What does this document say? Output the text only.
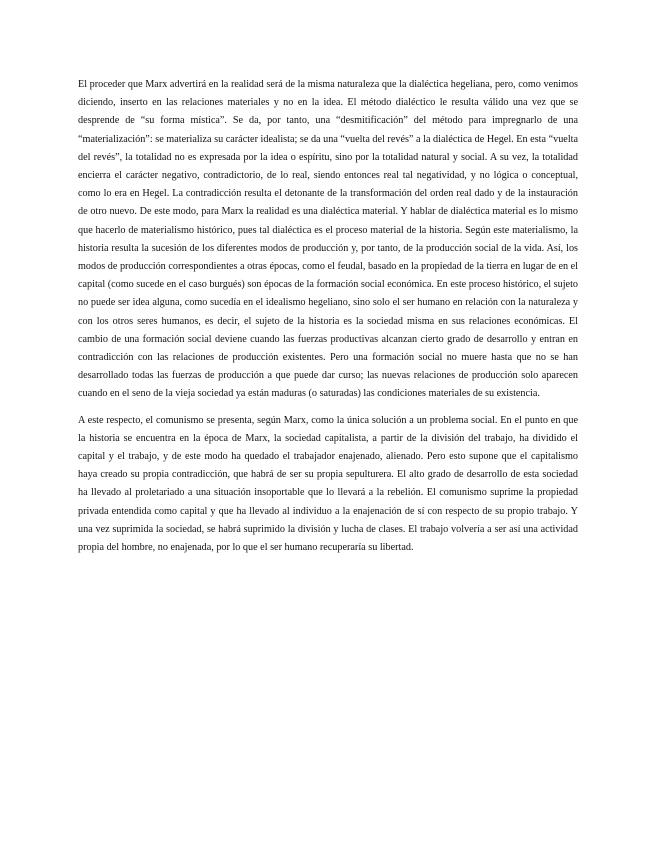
El proceder que Marx advertirá en la realidad será de la misma naturaleza que la dialéctica hegeliana, pero, como venimos diciendo, inserto en las relaciones materiales y no en la idea. El método dialéctico le resulta válido una vez que se desprende de “su forma mística”. Se da, por tanto, una “desmitificación” del método para impregnarlo de una “materialización”: se materializa su carácter idealista; se da una “vuelta del revés” a la dialéctica de Hegel. En esta “vuelta del revés”, la totalidad no es expresada por la idea o espíritu, sino por la totalidad natural y social. A su vez, la totalidad encierra el carácter negativo, contradictorio, de lo real, siendo entonces real tal negatividad, y no lógica o conceptual, como lo era en Hegel. La contradicción resulta el detonante de la transformación del orden real dado y de la instauración de otro nuevo. De este modo, para Marx la realidad es una dialéctica material. Y hablar de dialéctica material es lo mismo que hacerlo de materialismo histórico, pues tal dialéctica es el proceso material de la historia. Según este materialismo, la historia resulta la sucesión de los diferentes modos de producción y, por tanto, de la producción social de la vida. Así, los modos de producción correspondientes a otras épocas, como el feudal, basado en la propiedad de la tierra en lugar de en el capital (como sucede en el caso burgués) son épocas de la formación social económica. En este proceso histórico, el sujeto no puede ser idea alguna, como sucedía en el idealismo hegeliano, sino solo el ser humano en relación con la naturaleza y con los otros seres humanos, es decir, el sujeto de la historia es la sociedad misma en sus relaciones económicas. El cambio de una formación social deviene cuando las fuerzas productivas alcanzan cierto grado de desarrollo y entran en contradicción con las relaciones de producción existentes. Pero una formación social no muere hasta que no se han desarrollado todas las fuerzas de producción a que puede dar curso; las nuevas relaciones de producción solo aparecen cuando en el seno de la vieja sociedad ya están maduras (o saturadas) las condiciones materiales de su existencia.

A este respecto, el comunismo se presenta, según Marx, como la única solución a un problema social. En el punto en que la historia se encuentra en la época de Marx, la sociedad capitalista, a partir de la división del trabajo, ha dividido el capital y el trabajo, y de este modo ha quedado el trabajador enajenado, alienado. Pero esto supone que el capitalismo haya creado su propia contradicción, que habrá de ser su propia sepulturera. El alto grado de desarrollo de esta sociedad ha llevado al proletariado a una situación insoportable que lo llevará a la rebelión. El comunismo suprime la propiedad privada entendida como capital y que ha llevado al individuo a la enajenación de sí con respecto de su propio trabajo. Y una vez suprimida la sociedad, se habrá suprimido la división y lucha de clases. El trabajo volvería a ser así una actividad propia del hombre, no enajenada, por lo que el ser humano recuperaría su libertad.
